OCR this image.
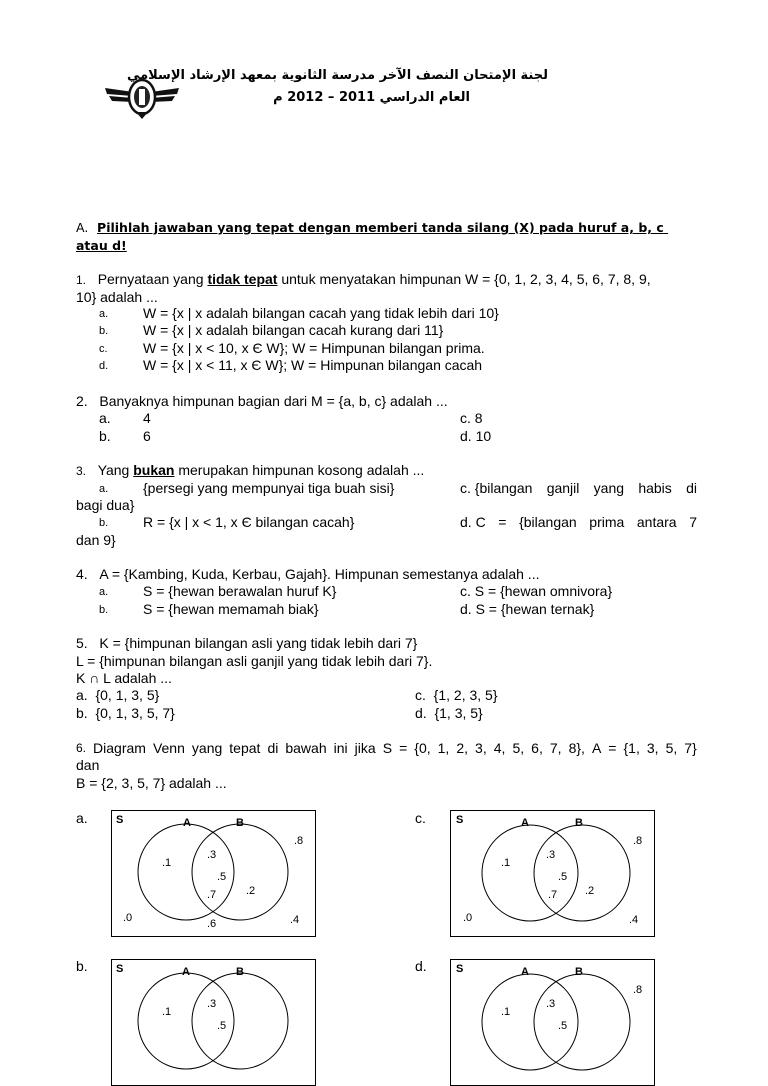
لجنة الإمتحان النصف الآخر مدرسة الثانوية بمعهد الإرشاد الإسلامي
العام الدراسي 2011 – 2012 م
A. Pilihlah jawaban yang tepat dengan memberi tanda silang (X) pada huruf a, b, c
atau d!
1. Pernyataan yang tidak tepat untuk menyatakan himpunan W = {0, 1, 2, 3, 4, 5, 6, 7, 8, 9,
10} adalah ...
a. W = {x | x adalah bilangan cacah yang tidak lebih dari 10}
b. W = {x | x adalah bilangan cacah kurang dari 11}
c.	W = {x | x < 10, x Є W}; W = Himpunan bilangan prima.
d. W = {x | x < 11, x Є W}; W = Himpunan bilangan cacah
2. Banyaknya himpunan bagian dari M = {a, b, c} adalah ...
a. 4	c. 8
b. 6	d. 10
3. Yang bukan merupakan himpunan kosong adalah ...
a. {persegi yang mempunyai tiga buah sisi}	c. {bilangan ganjil yang habis di
bagi dua}
b. R = {x | x < 1, x Є bilangan cacah}	d. C = {bilangan prima antara 7
dan 9}
4. A = {Kambing, Kuda, Kerbau, Gajah}. Himpunan semestanya adalah ...
a. S = {hewan berawalan huruf K}	c. S = {hewan omnivora}
b. S = {hewan memamah biak}	d. S = {hewan ternak}
5.   K = {himpunan bilangan asli yang tidak lebih dari 7}
L = {himpunan bilangan asli ganjil yang tidak lebih dari 7}.
K ∩ L adalah ...
a.  {0, 1, 3, 5}	c.  {1, 2, 3, 5}
b.  {0, 1, 3, 5, 7}	d.  {1, 3, 5}
6. Diagram Venn yang tepat di bawah ini jika S = {0, 1, 2, 3, 4, 5, 6, 7, 8}, A = {1, 3, 5, 7}
dan
B = {2, 3, 5, 7} adalah ...
a.	c.
b.	d.
S	A	B
.8
.3
.1
.5
.2
.7
.0	.6	.4
S	A	B
.8
.3
.1
.5
.2
.7
.0	.4
S	A	B
.3
.1
.5
S	A	B
.8
.3
.1
.5
